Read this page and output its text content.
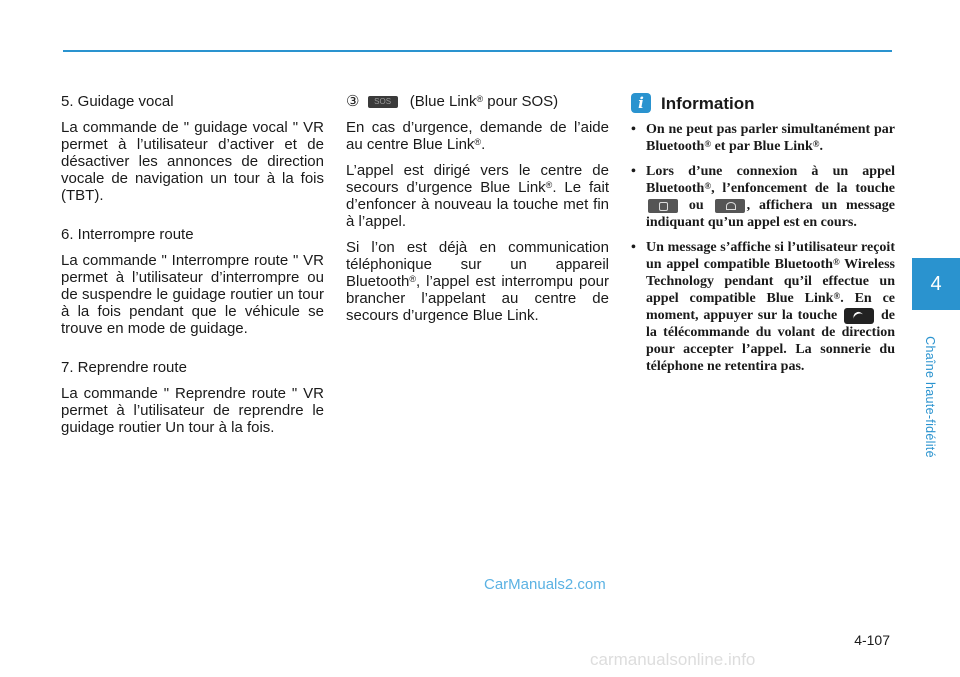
5. Guidage vocal

La commande de " guidage vocal " VR permet à l’utilisateur d’activer et de désactiver les annonces de direction vocale de navigation un tour à la fois (TBT).

6. Interrompre route

La commande " Interrompre route " VR permet à l’utilisateur d’interrompre ou de suspendre le guidage routier un tour à la fois pendant que le véhicule se trouve en mode de guidage.

7. Reprendre route

La commande " Reprendre route " VR permet à l’utilisateur de reprendre le guidage routier Un tour à la fois.

③ SOS (Blue Link® pour SOS)

En cas d’urgence, demande de l’aide au centre Blue Link®.

L’appel est dirigé vers le centre de secours d’urgence Blue Link®. Le fait d’enfoncer à nouveau la touche met fin à l’appel.

Si l’on est déjà en communication téléphonique sur un appareil Bluetooth®, l’appel est interrompu pour brancher l’appelant au centre de secours d’urgence Blue Link.

i	Information
• On ne peut pas parler simultanément par Bluetooth® et par Blue Link®.
• Lors d’une connexion à un appel Bluetooth®, l’enfoncement de la touche  ou , affichera un message indiquant qu’un appel est en cours.
• Un message s’affiche si l’utilisateur reçoit un appel compatible Bluetooth® Wireless Technology pendant qu’il effectue un appel compatible Blue Link®. En ce moment, appuyer sur la touche  de la télécommande du volant de direction pour accepter l’appel. La sonnerie du téléphone ne retentira pas.
4
Chaîne haute-fidélité
CarManuals2.com
4-107
carmanualsonline.info
